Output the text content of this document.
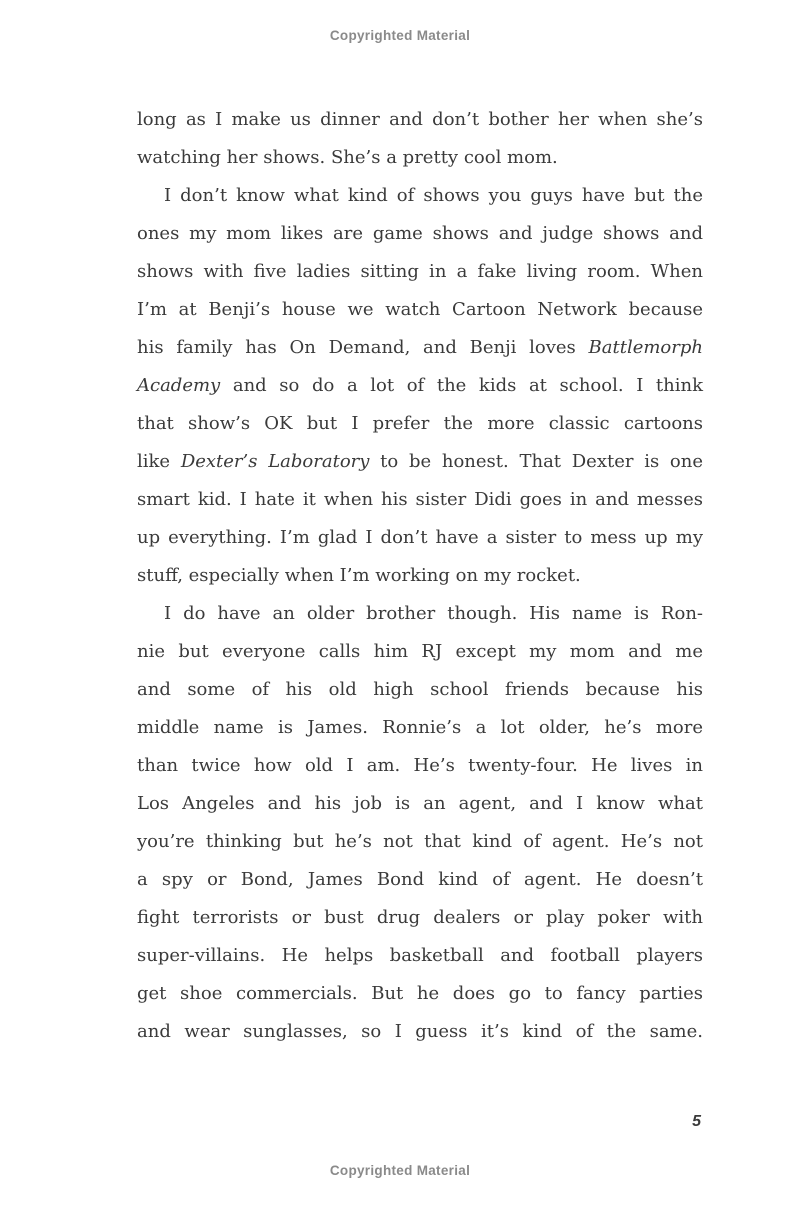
Copyrighted Material
long as I make us dinner and don’t bother her when she’s
watching her shows. She’s a pretty cool mom.
I don’t know what kind of shows you guys have but the
ones my mom likes are game shows and judge shows and
shows with five ladies sitting in a fake living room. When
I’m at Benji’s house we watch Cartoon Network because
his family has On Demand, and Benji loves Battlemorph
Academy and so do a lot of the kids at school. I think
that show’s OK but I prefer the more classic cartoons
like Dexter’s Laboratory to be honest. That Dexter is one
smart kid. I hate it when his sister Didi goes in and messes
up everything. I’m glad I don’t have a sister to mess up my
stuff, especially when I’m working on my rocket.
I do have an older brother though. His name is Ron-
nie but everyone calls him RJ except my mom and me
and some of his old high school friends because his
middle name is James. Ronnie’s a lot older, he’s more
than twice how old I am. He’s twenty-four. He lives in
Los Angeles and his job is an agent, and I know what
you’re thinking but he’s not that kind of agent. He’s not
a spy or Bond, James Bond kind of agent. He doesn’t
fight terrorists or bust drug dealers or play poker with
super-villains. He helps basketball and football players
get shoe commercials. But he does go to fancy parties
and wear sunglasses, so I guess it’s kind of the same.
5
Copyrighted Material
